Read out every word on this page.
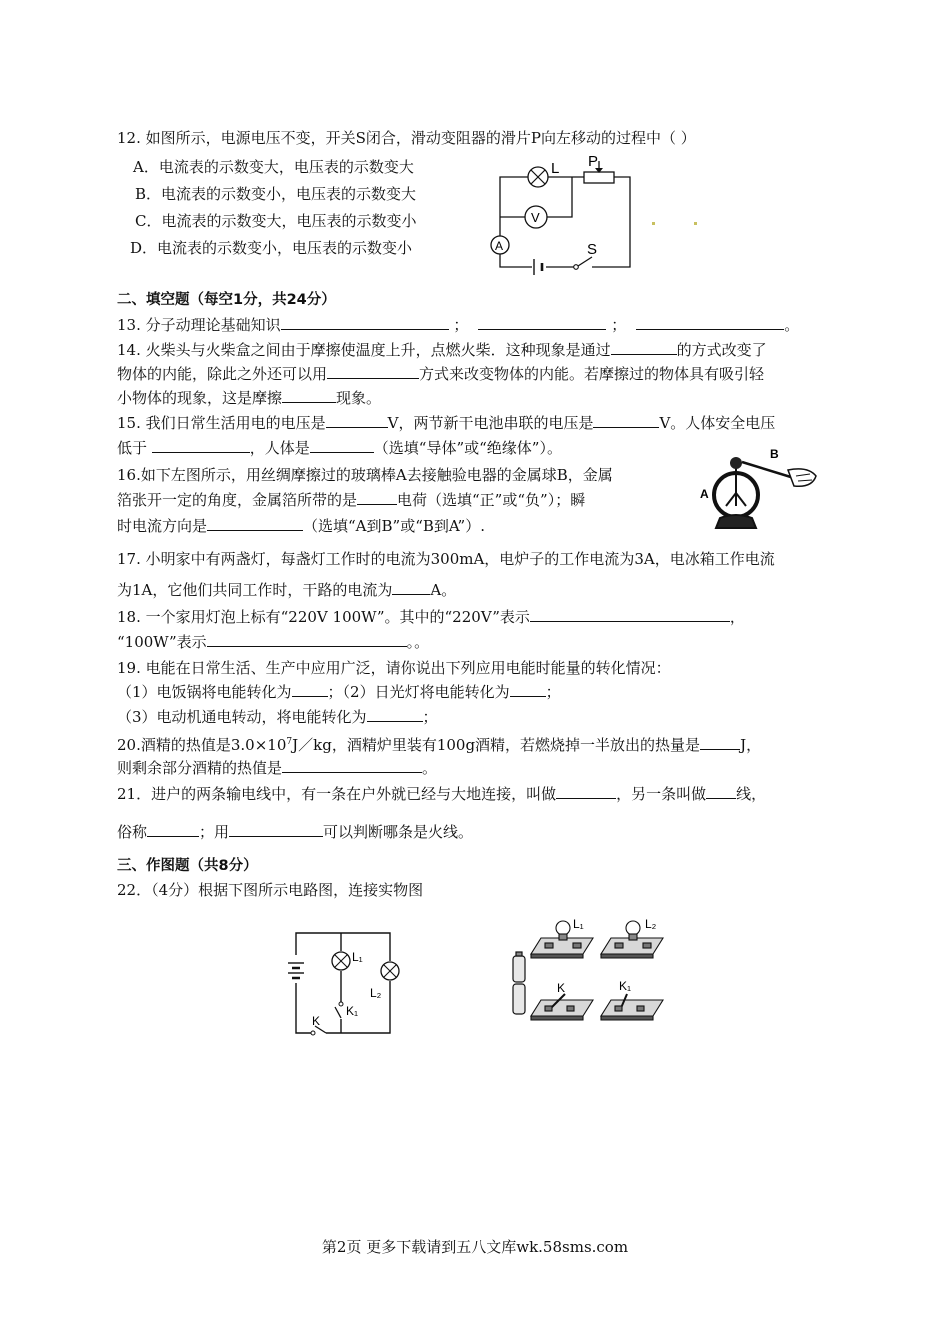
12. 如图所示，电源电压不变，开关S闭合，滑动变阻器的滑片P向左移动的过程中（ ）
A．电流表的示数变大，电压表的示数变大
B．电流表的示数变小，电压表的示数变大
C．电流表的示数变大，电压表的示数变小
D．电流表的示数变小，电压表的示数变小
L P
V
A	S
二、填空题（每空1分，共24分）
13. 分子动理论基础知识	；	；	。
14. 火柴头与火柴盒之间由于摩擦使温度上升，点燃火柴．这种现象是通过	的方式改变了
物体的内能，除此之外还可以用	方式来改变物体的内能。若摩擦过的物体具有吸引轻
小物体的现象，这是摩擦	现象。
15. 我们日常生活用电的电压是	V，两节新干电池串联的电压是	V。人体安全电压
低于	，人体是	（选填“导体”或“绝缘体”）。
16.如下左图所示，用丝绸摩擦过的玻璃棒A去接触验电器的金属球B，金属
箔张开一定的角度，金属箔所带的是	电荷（选填“正”或“负”）；瞬
时电流方向是	（选填“A到B”或“B到A”）.
B
A
17. 小明家中有两盏灯，每盏灯工作时的电流为300mA，电炉子的工作电流为3A，电冰箱工作电流
为1A，它他们共同工作时，干路的电流为	A。
18. 一个家用灯泡上标有“220V 100W”。其中的“220V”表示	，
“100W”表示	。。
19. 电能在日常生活、生产中应用广泛，请你说出下列应用电能时能量的转化情况：
（1）电饭锅将电能转化为 ；（2）日光灯将电能转化为 ；
（3）电动机通电转动，将电能转化为	；
20.酒精的热值是$3.0\times 10^7J/kg$，酒精炉里装有100g酒精，若燃烧掉一半放出的热量是	J，
则剩余部分酒精的热值是	。
21．进户的两条输电线中，有一条在户外就已经与大地连接，叫做	，另一条叫做 线，
俗称	；用	可以判断哪条是火线。
三、作图题（共8分）
22．（4分）根据下图所示电路图，连接实物图
L₁
L₂
K₁
K
L₁	L₂
K	K₁
第2页 更多下载请到五八文库wk.58sms.com
